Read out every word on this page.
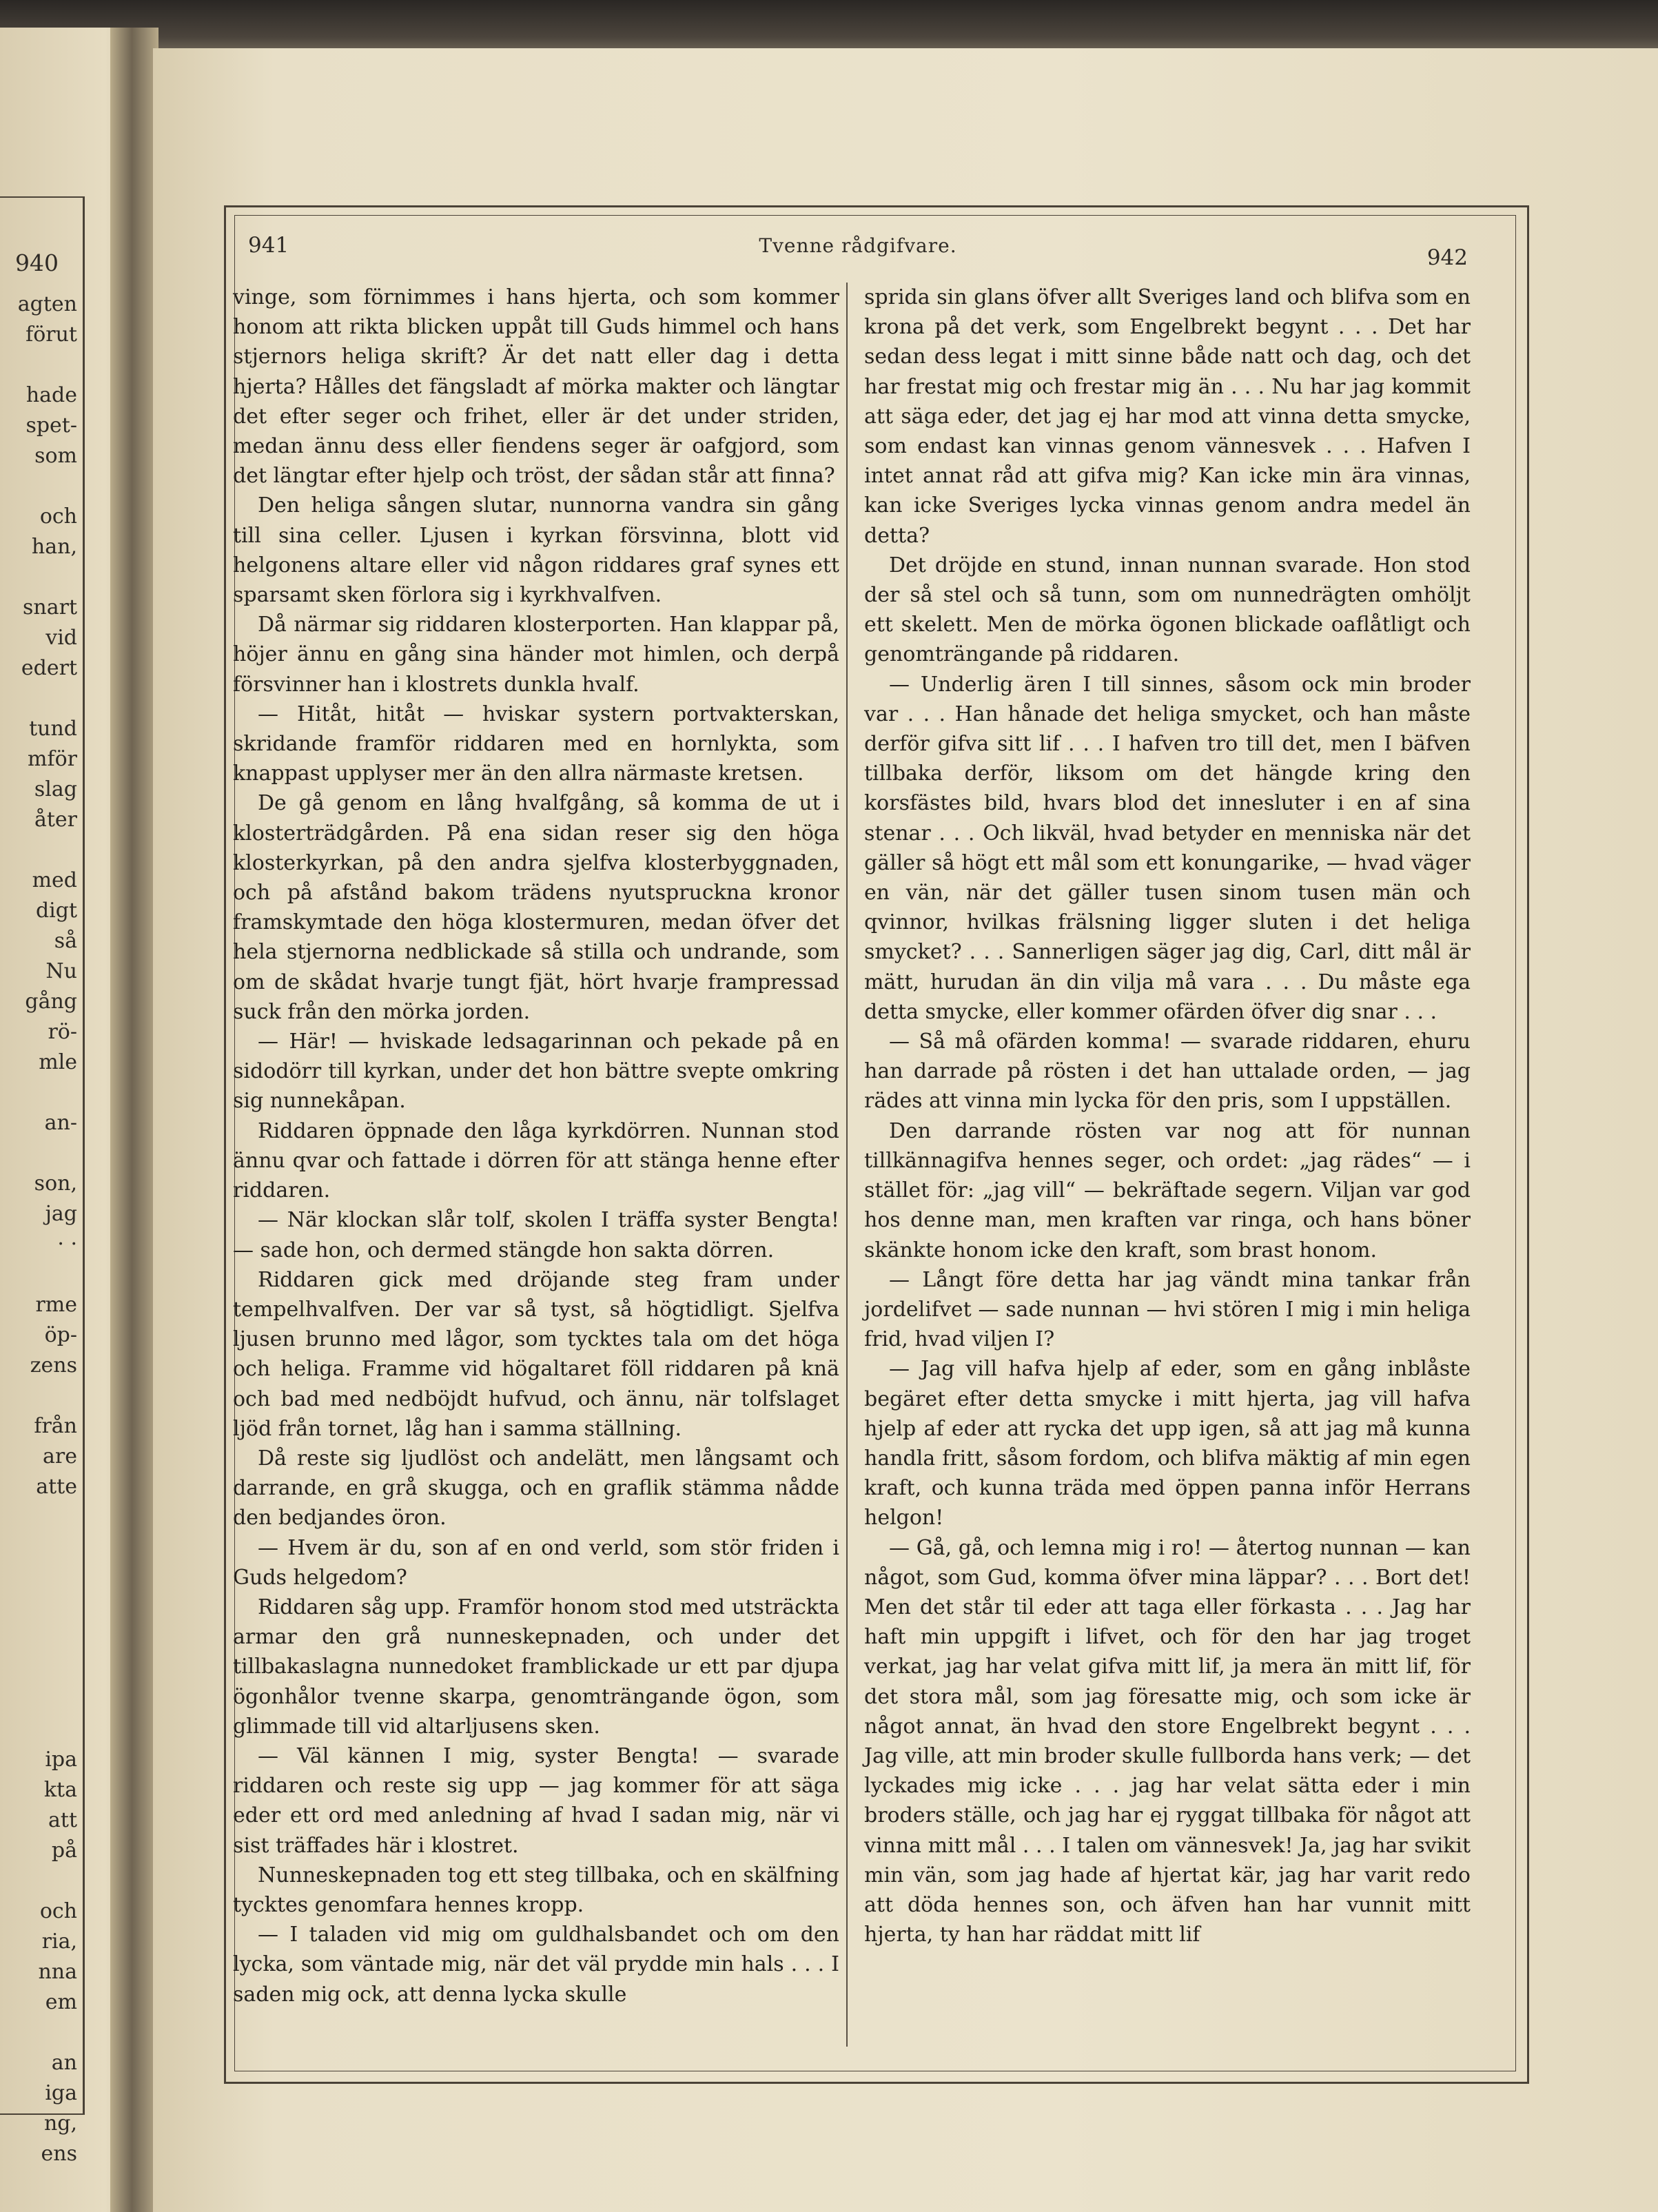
940
agten
förut
hade
spet-
som
och
han,
snart
vid
edert
tund
mför
slag
åter
med
digt
så
Nu
gång
rö-
mle
an-
son,
jag
· ·
rme
öp-
zens
från
are
atte
ipa
kta
att
på
och
ria,
nna
em
an
iga
ng,
ens
941	Tvenne rådgifvare.	942

vinge, som förnimmes i hans hjerta, och som kommer honom att rikta blicken uppåt till Guds himmel och hans stjernors heliga skrift? Är det natt eller dag i detta hjerta? Hålles det fängsladt af mörka makter och längtar det efter seger och frihet, eller är det under striden, medan ännu dess eller fiendens seger är oafgjord, som det längtar efter hjelp och tröst, der sådan står att finna?

Den heliga sången slutar, nunnorna vandra sin gång till sina celler. Ljusen i kyrkan försvinna, blott vid helgonens altare eller vid någon riddares graf synes ett sparsamt sken förlora sig i kyrkhvalfven.

Då närmar sig riddaren klosterporten. Han klappar på, höjer ännu en gång sina händer mot himlen, och derpå försvinner han i klostrets dunkla hvalf.

— Hitåt, hitåt — hviskar systern portvakterskan, skridande framför riddaren med en hornlykta, som knappast upplyser mer än den allra närmaste kretsen.

De gå genom en lång hvalfgång, så komma de ut i klosterträdgården. På ena sidan reser sig den höga klosterkyrkan, på den andra sjelfva klosterbyggnaden, och på afstånd bakom trädens nyutspruckna kronor framskymtade den höga klostermuren, medan öfver det hela stjernorna nedblickade så stilla och undrande, som om de skådat hvarje tungt fjät, hört hvarje frampressad suck från den mörka jorden.

— Här! — hviskade ledsagarinnan och pekade på en sidodörr till kyrkan, under det hon bättre svepte omkring sig nunnekåpan.

Riddaren öppnade den låga kyrkdörren. Nunnan stod ännu qvar och fattade i dörren för att stänga henne efter riddaren.

— När klockan slår tolf, skolen I träffa syster Bengta! — sade hon, och dermed stängde hon sakta dörren.

Riddaren gick med dröjande steg fram under tempelhvalfven. Der var så tyst, så högtidligt. Sjelfva ljusen brunno med lågor, som tycktes tala om det höga och heliga. Framme vid högaltaret föll riddaren på knä och bad med nedböjdt hufvud, och ännu, när tolfslaget ljöd från tornet, låg han i samma ställning.

Då reste sig ljudlöst och andelätt, men långsamt och darrande, en grå skugga, och en graflik stämma nådde den bedjandes öron.

— Hvem är du, son af en ond verld, som stör friden i Guds helgedom?

Riddaren såg upp. Framför honom stod med utsträckta armar den grå nunneskepnaden, och under det tillbakaslagna nunnedoket framblickade ur ett par djupa ögonhålor tvenne skarpa, genomträngande ögon, som glimmade till vid altarljusens sken.

— Väl kännen I mig, syster Bengta! — svarade riddaren och reste sig upp — jag kommer för att säga eder ett ord med anledning af hvad I sadan mig, när vi sist träffades här i klostret.

Nunneskepnaden tog ett steg tillbaka, och en skälfning tycktes genomfara hennes kropp.

— I taladen vid mig om guldhalsbandet och om den lycka, som väntade mig, när det väl prydde min hals . . . I saden mig ock, att denna lycka skulle

sprida sin glans öfver allt Sveriges land och blifva som en krona på det verk, som Engelbrekt begynt . . . Det har sedan dess legat i mitt sinne både natt och dag, och det har frestat mig och frestar mig än . . . Nu har jag kommit att säga eder, det jag ej har mod att vinna detta smycke, som endast kan vinnas genom vännesvek . . . Hafven I intet annat råd att gifva mig? Kan icke min ära vinnas, kan icke Sveriges lycka vinnas genom andra medel än detta?

Det dröjde en stund, innan nunnan svarade. Hon stod der så stel och så tunn, som om nunnedrägten omhöljt ett skelett. Men de mörka ögonen blickade oaflåtligt och genomträngande på riddaren.

— Underlig ären I till sinnes, såsom ock min broder var . . . Han hånade det heliga smycket, och han måste derför gifva sitt lif . . . I hafven tro till det, men I bäfven tillbaka derför, liksom om det hängde kring den korsfästes bild, hvars blod det innesluter i en af sina stenar . . . Och likväl, hvad betyder en menniska när det gäller så högt ett mål som ett konungarike, — hvad väger en vän, när det gäller tusen sinom tusen män och qvinnor, hvilkas frälsning ligger sluten i det heliga smycket? . . . Sannerligen säger jag dig, Carl, ditt mål är mätt, hurudan än din vilja må vara . . . Du måste ega detta smycke, eller kommer ofärden öfver dig snar . . .

— Så må ofärden komma! — svarade riddaren, ehuru han darrade på rösten i det han uttalade orden, — jag rädes att vinna min lycka för den pris, som I uppställen.

Den darrande rösten var nog att för nunnan tillkännagifva hennes seger, och ordet: „jag rädes“ — i stället för: „jag vill“ — bekräftade segern. Viljan var god hos denne man, men kraften var ringa, och hans böner skänkte honom icke den kraft, som brast honom.

— Långt före detta har jag vändt mina tankar från jordelifvet — sade nunnan — hvi stören I mig i min heliga frid, hvad viljen I?

— Jag vill hafva hjelp af eder, som en gång inblåste begäret efter detta smycke i mitt hjerta, jag vill hafva hjelp af eder att rycka det upp igen, så att jag må kunna handla fritt, såsom fordom, och blifva mäktig af min egen kraft, och kunna träda med öppen panna inför Herrans helgon!

— Gå, gå, och lemna mig i ro! — återtog nunnan — kan något, som Gud, komma öfver mina läppar? . . . Bort det! Men det står til eder att taga eller förkasta . . . Jag har haft min uppgift i lifvet, och för den har jag troget verkat, jag har velat gifva mitt lif, ja mera än mitt lif, för det stora mål, som jag föresatte mig, och som icke är något annat, än hvad den store Engelbrekt begynt . . . Jag ville, att min broder skulle fullborda hans verk; — det lyckades mig icke . . . jag har velat sätta eder i min broders ställe, och jag har ej ryggat tillbaka för något att vinna mitt mål . . . I talen om vännesvek! Ja, jag har svikit min vän, som jag hade af hjertat kär, jag har varit redo att döda hennes son, och äfven han har vunnit mitt hjerta, ty han har räddat mitt lif
